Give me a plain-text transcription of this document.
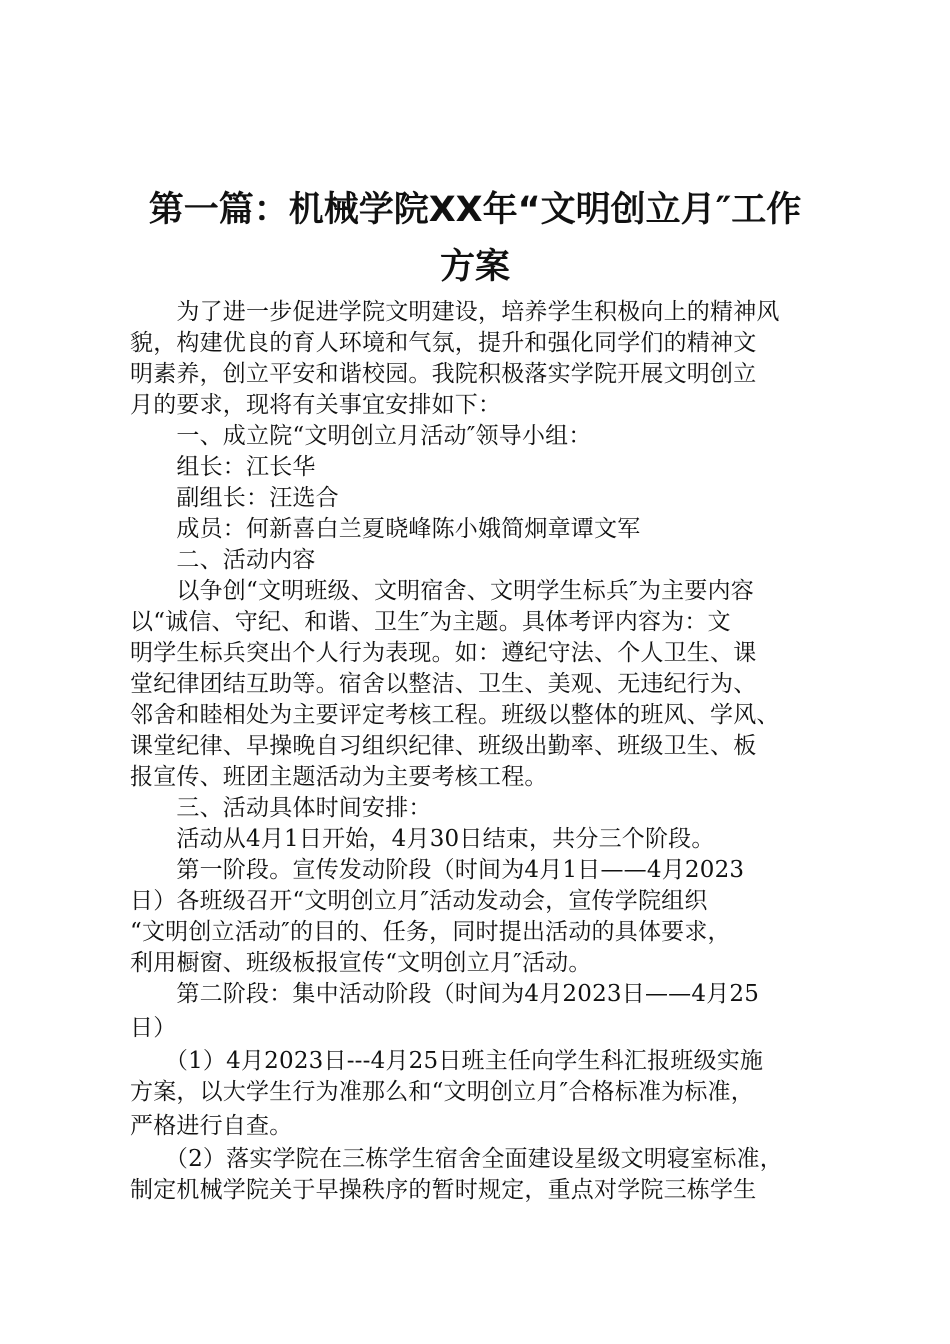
第一篇：机械学院XX年“文明创立月″工作
方案
　　为了进一步促进学院文明建设，培养学生积极向上的精神风
貌，构建优良的育人环境和气氛，提升和强化同学们的精神文
明素养，创立平安和谐校园。我院积极落实学院开展文明创立
月的要求，现将有关事宜安排如下：
　　一、成立院“文明创立月活动″领导小组：
　　组长：江长华
　　副组长：汪选合
　　成员：何新喜白兰夏晓峰陈小娥简炯章谭文军
　　二、活动内容
　　以争创“文明班级、文明宿舍、文明学生标兵″为主要内容
以“诚信、守纪、和谐、卫生″为主题。具体考评内容为：文
明学生标兵突出个人行为表现。如：遵纪守法、个人卫生、课
堂纪律团结互助等。宿舍以整洁、卫生、美观、无违纪行为、
邻舍和睦相处为主要评定考核工程。班级以整体的班风、学风、
课堂纪律、早操晚自习组织纪律、班级出勤率、班级卫生、板
报宣传、班团主题活动为主要考核工程。
　　三、活动具体时间安排：
　　活动从4月1日开始，4月30日结束，共分三个阶段。
　　第一阶段。宣传发动阶段（时间为4月1日——4月2023
日）各班级召开“文明创立月″活动发动会，宣传学院组织
“文明创立活动″的目的、任务，同时提出活动的具体要求，
利用橱窗、班级板报宣传“文明创立月″活动。
　　第二阶段：集中活动阶段（时间为4月2023日——4月25
日）
　　（1）4月2023日---4月25日班主任向学生科汇报班级实施
方案，以大学生行为准那么和“文明创立月″合格标准为标准，
严格进行自查。
　　（2）落实学院在三栋学生宿舍全面建设星级文明寝室标准，
制定机械学院关于早操秩序的暂时规定，重点对学院三栋学生
